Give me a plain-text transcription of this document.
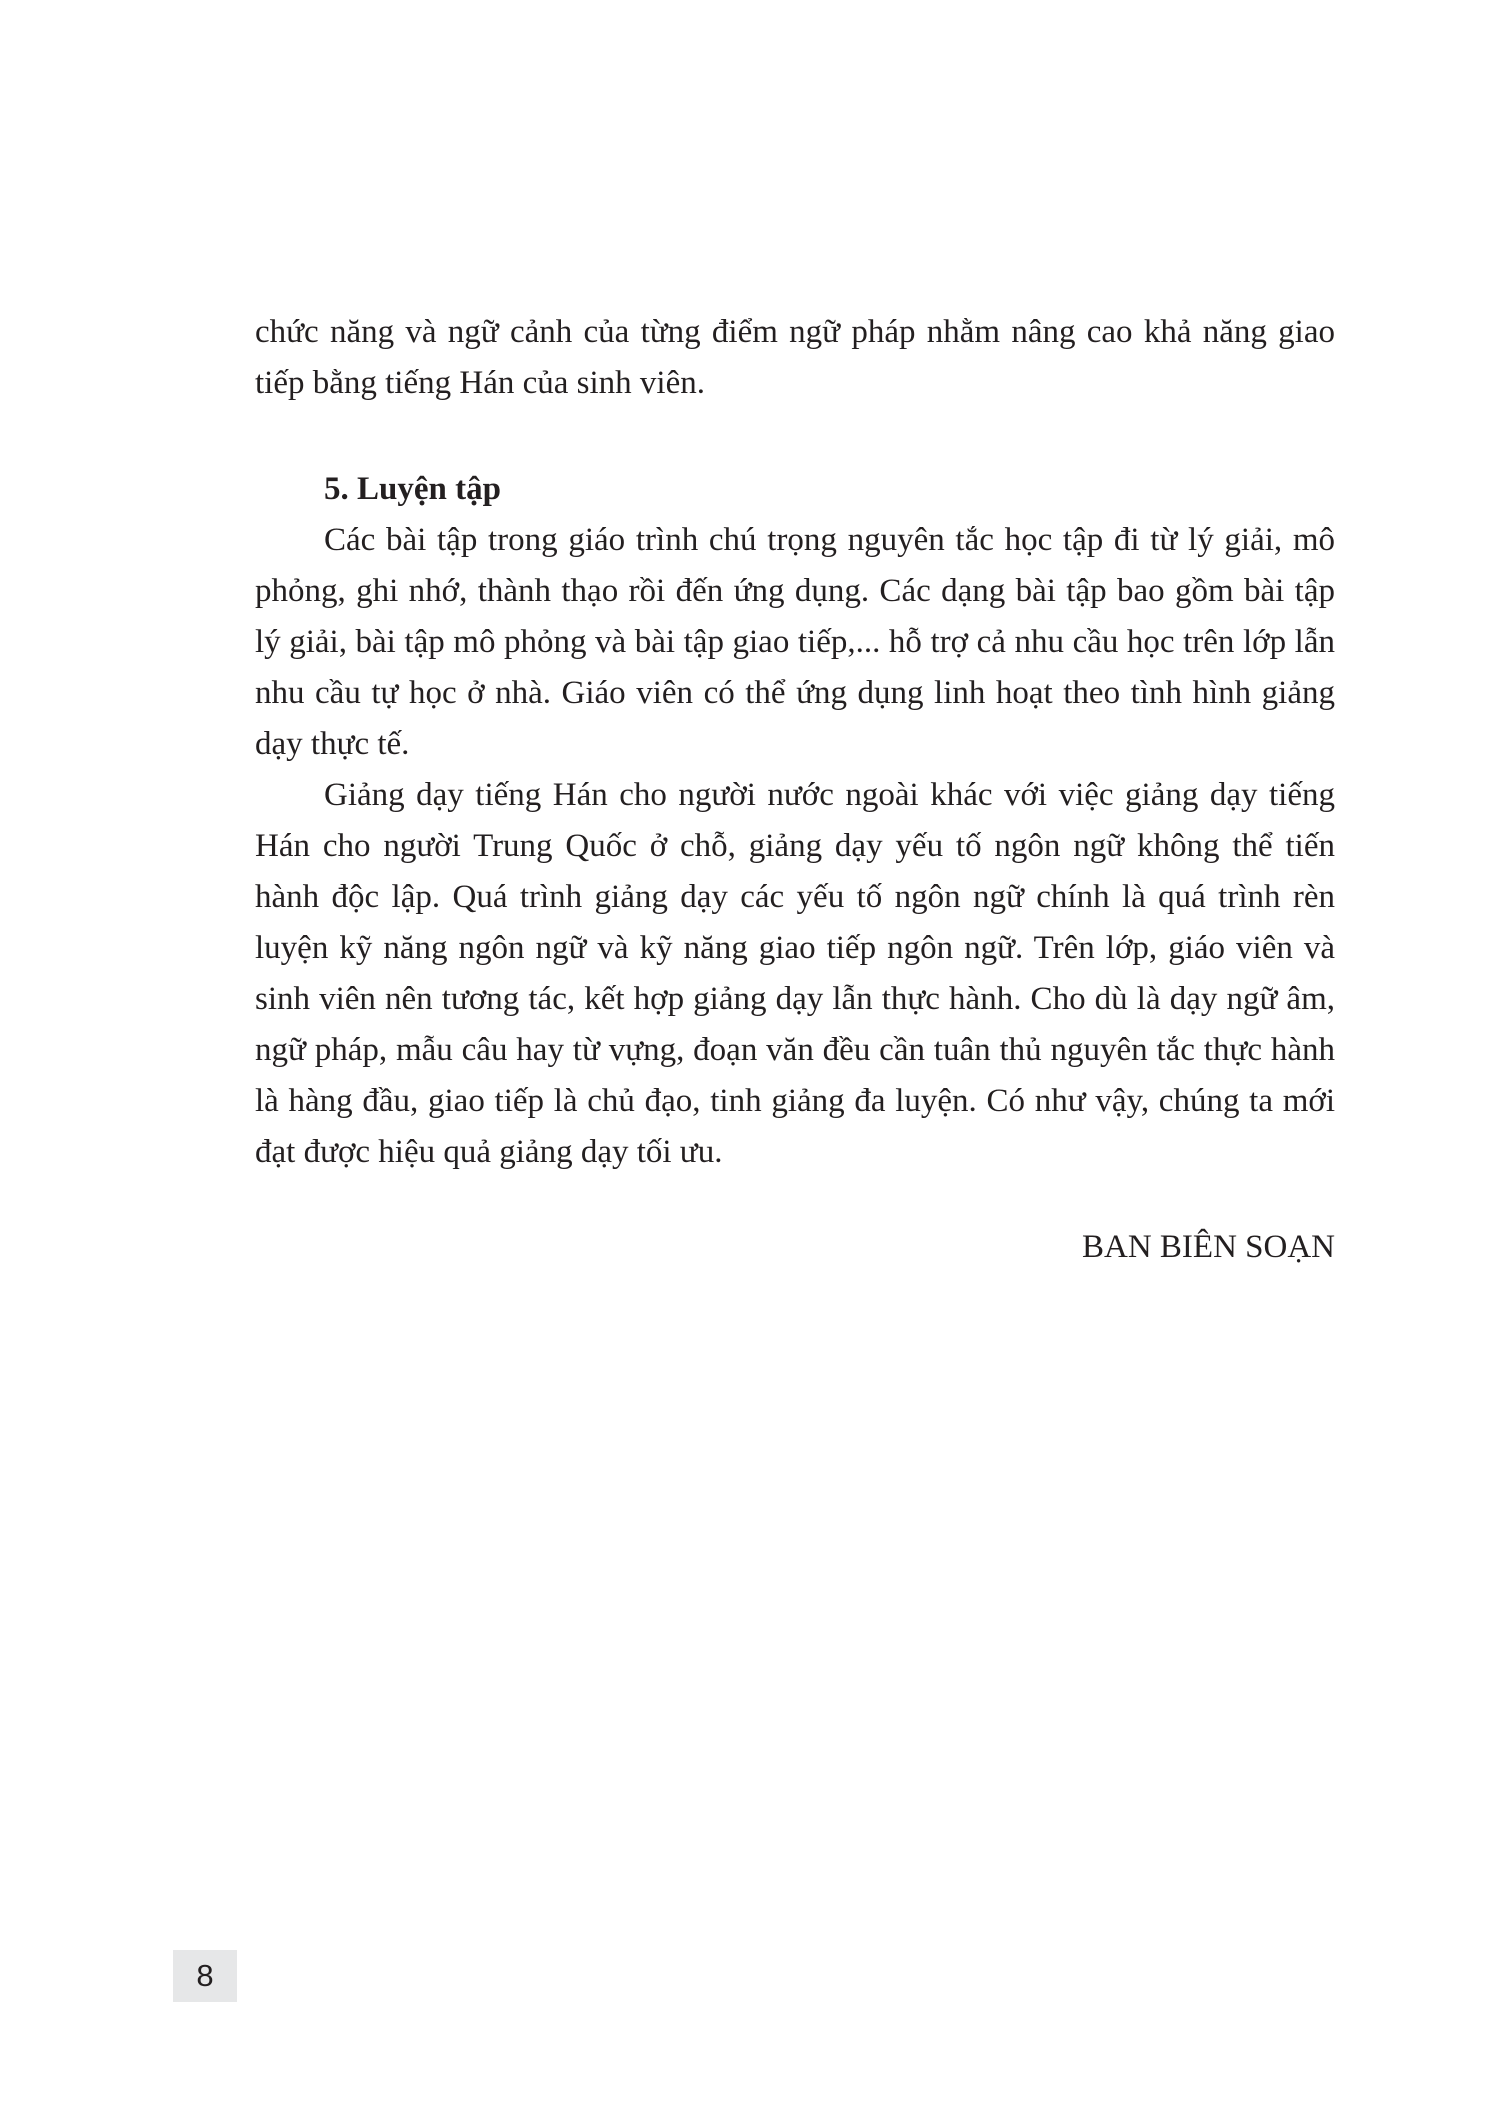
chức năng và ngữ cảnh của từng điểm ngữ pháp nhằm nâng cao khả năng giao tiếp bằng tiếng Hán của sinh viên.

5. Luyện tập

Các bài tập trong giáo trình chú trọng nguyên tắc học tập đi từ lý giải, mô phỏng, ghi nhớ, thành thạo rồi đến ứng dụng. Các dạng bài tập bao gồm bài tập lý giải, bài tập mô phỏng và bài tập giao tiếp,... hỗ trợ cả nhu cầu học trên lớp lẫn nhu cầu tự học ở nhà. Giáo viên có thể ứng dụng linh hoạt theo tình hình giảng dạy thực tế.

Giảng dạy tiếng Hán cho người nước ngoài khác với việc giảng dạy tiếng Hán cho người Trung Quốc ở chỗ, giảng dạy yếu tố ngôn ngữ không thể tiến hành độc lập. Quá trình giảng dạy các yếu tố ngôn ngữ chính là quá trình rèn luyện kỹ năng ngôn ngữ và kỹ năng giao tiếp ngôn ngữ. Trên lớp, giáo viên và sinh viên nên tương tác, kết hợp giảng dạy lẫn thực hành. Cho dù là dạy ngữ âm, ngữ pháp, mẫu câu hay từ vựng, đoạn văn đều cần tuân thủ nguyên tắc thực hành là hàng đầu, giao tiếp là chủ đạo, tinh giảng đa luyện. Có như vậy, chúng ta mới đạt được hiệu quả giảng dạy tối ưu.

BAN BIÊN SOẠN
8
